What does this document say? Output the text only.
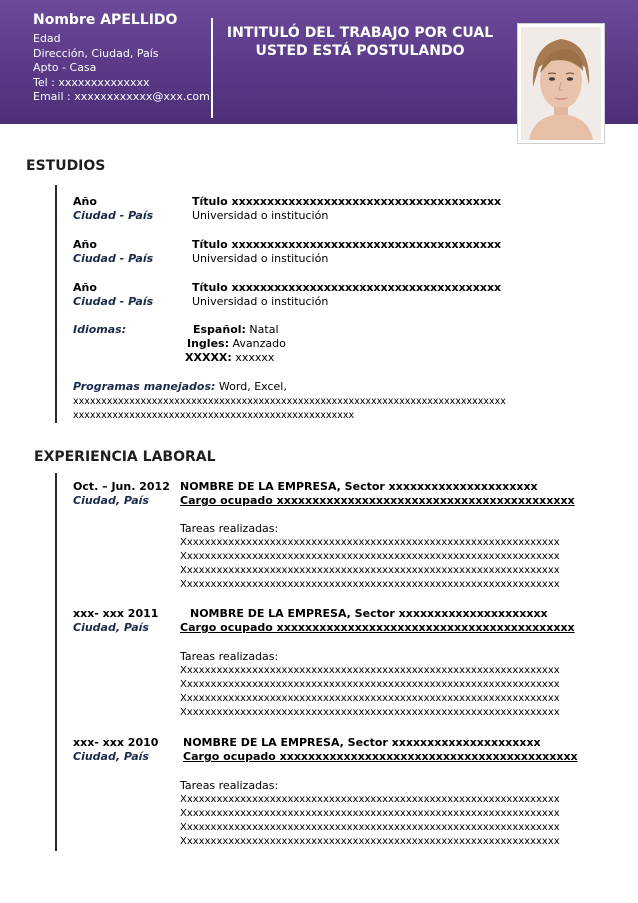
Nombre APELLIDO
Edad
Dirección, Ciudad, País
Apto - Casa
Tel : xxxxxxxxxxxxxx
Email : xxxxxxxxxxxx@xxx.com
INTITULÓ DEL TRABAJO POR CUAL
USTED ESTÁ POSTULANDO
ESTUDIOS
Año
Ciudad - País
Título xxxxxxxxxxxxxxxxxxxxxxxxxxxxxxxxxxxxxx
Universidad o institución
Año
Ciudad - País
Título xxxxxxxxxxxxxxxxxxxxxxxxxxxxxxxxxxxxxx
Universidad o institución
Año
Ciudad - País
Título xxxxxxxxxxxxxxxxxxxxxxxxxxxxxxxxxxxxxx
Universidad o institución
Idiomas:	Español: Natal
Ingles: Avanzado
XXXXX: xxxxxx
Programas manejados: Word, Excel,
xxxxxxxxxxxxxxxxxxxxxxxxxxxxxxxxxxxxxxxxxxxxxxxxxxxxxxxxxxxxxxxxxxxxxxxxxxxxx
xxxxxxxxxxxxxxxxxxxxxxxxxxxxxxxxxxxxxxxxxxxxxxxxxx
EXPERIENCIA LABORAL
Oct. – Jun. 2012
Ciudad, País
NOMBRE DE LA EMPRESA, Sector xxxxxxxxxxxxxxxxxxxxx
Cargo ocupado xxxxxxxxxxxxxxxxxxxxxxxxxxxxxxxxxxxxxxxxxx
Tareas realizadas:
Xxxxxxxxxxxxxxxxxxxxxxxxxxxxxxxxxxxxxxxxxxxxxxxxxxxxxxxxxxxxxxxx
Xxxxxxxxxxxxxxxxxxxxxxxxxxxxxxxxxxxxxxxxxxxxxxxxxxxxxxxxxxxxxxxx
Xxxxxxxxxxxxxxxxxxxxxxxxxxxxxxxxxxxxxxxxxxxxxxxxxxxxxxxxxxxxxxxx
Xxxxxxxxxxxxxxxxxxxxxxxxxxxxxxxxxxxxxxxxxxxxxxxxxxxxxxxxxxxxxxxx
xxx- xxx 2011
Ciudad, País
NOMBRE DE LA EMPRESA, Sector xxxxxxxxxxxxxxxxxxxxx
Cargo ocupado xxxxxxxxxxxxxxxxxxxxxxxxxxxxxxxxxxxxxxxxxx
Tareas realizadas:
Xxxxxxxxxxxxxxxxxxxxxxxxxxxxxxxxxxxxxxxxxxxxxxxxxxxxxxxxxxxxxxxx
Xxxxxxxxxxxxxxxxxxxxxxxxxxxxxxxxxxxxxxxxxxxxxxxxxxxxxxxxxxxxxxxx
Xxxxxxxxxxxxxxxxxxxxxxxxxxxxxxxxxxxxxxxxxxxxxxxxxxxxxxxxxxxxxxxx
Xxxxxxxxxxxxxxxxxxxxxxxxxxxxxxxxxxxxxxxxxxxxxxxxxxxxxxxxxxxxxxxx
xxx- xxx 2010
Ciudad, País
NOMBRE DE LA EMPRESA, Sector xxxxxxxxxxxxxxxxxxxxx
Cargo ocupado xxxxxxxxxxxxxxxxxxxxxxxxxxxxxxxxxxxxxxxxxx
Tareas realizadas:
Xxxxxxxxxxxxxxxxxxxxxxxxxxxxxxxxxxxxxxxxxxxxxxxxxxxxxxxxxxxxxxxx
Xxxxxxxxxxxxxxxxxxxxxxxxxxxxxxxxxxxxxxxxxxxxxxxxxxxxxxxxxxxxxxxx
Xxxxxxxxxxxxxxxxxxxxxxxxxxxxxxxxxxxxxxxxxxxxxxxxxxxxxxxxxxxxxxxx
Xxxxxxxxxxxxxxxxxxxxxxxxxxxxxxxxxxxxxxxxxxxxxxxxxxxxxxxxxxxxxxxx
